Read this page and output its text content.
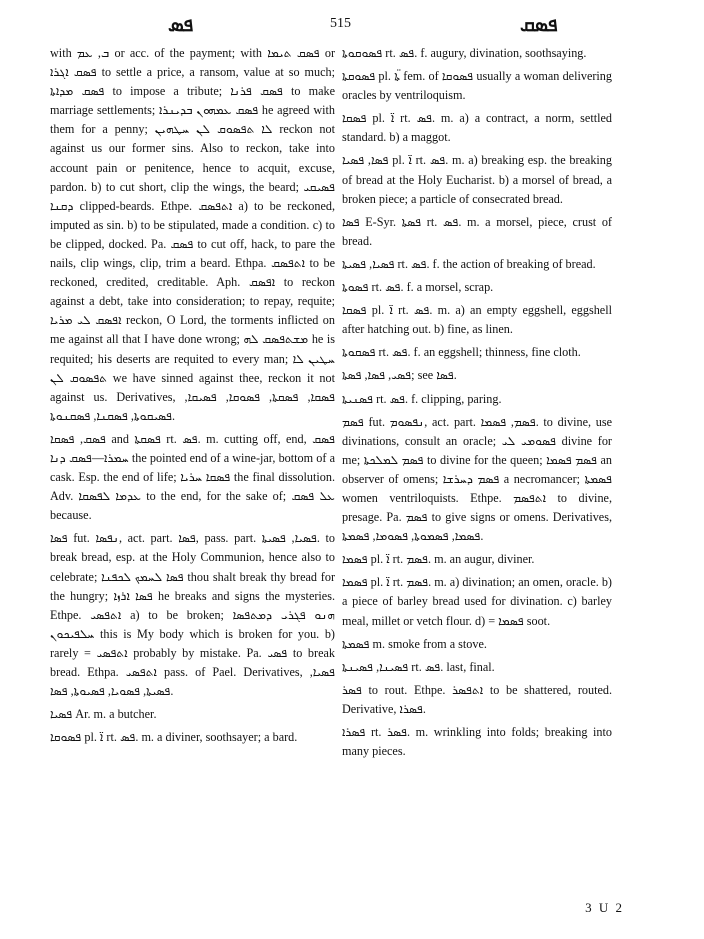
ܦܣ	515	ܦܣܩ

with ܒ, ܥܡ or acc. of the payment; with ܦܣܩ ܬܝܡܐ or ܦܣܩ ܐܓܪܐ to settle a price, a ransom, value at so much; ܦܣܩ ܡܕܐܬܐ to impose a tribute; ܦܣܩ ܦܪܢܐ to make marriage settlements; ܦܣܩ ܥܡܗܘܢ ܒܕܝܢܪܐ he agreed with them for a penny; ܠܐ ܬܦܣܘܩ ܠܢ ܚܛܗܝܢ reckon not against us our former sins. Also to reckon, take into account pain or penitence, hence to acquit, excuse, pardon. b) to cut short, clip the wings, the beard; ܦܣܝܩܝ ܕܩܢܐ clipped-beards. Ethpe. ܐܬܦܣܩ a) to be reckoned, imputed as sin. b) to be stipulated, made a condition. c) to be clipped, docked. Pa. ܦܣܩ to cut off, hack, to pare the nails, clip wings, clip, trim a beard. Ethpa. ܐܬܦܣܩ to be reckoned, credited, creditable. Aph. ܐܦܣܩ to reckon against a debt, take into consideration; to repay, requite; ܐܦܣܩ ܠܝ ܡܪܝܐ reckon, O Lord, the torments inflicted on me against all that I have done wrong; ܡܫܬܦܣܩ ܠܗ he is requited; his deserts are requited to every man; ܚܛܝܢ ܠܐ ܬܦܣܘܩ ܠܢ we have sinned against thee, reckon it not against us. Derivatives, ܦܣܩܐ, ܦܣܩܬܐ, ܦܣܘܩܐ, ܦܣܝܩܐ, ܦܣܝܩܘܬܐ, ܦܣܩܢܐ, ܦܣܩܢܘܬܐ.

ܦܣܩ, ܦܣܩܐ and ܦܣܩܬܐ rt. ܦܣ. m. cutting off, end, ܦܣܩ ܚܡܪܐ—ܦܣܩ ܕܢܐ the pointed end of a wine-jar, bottom of a cask. Esp. the end of life; ܦܣܩܐ ܚܪܝܐ the final dissolution. Adv. ܥܕܡܐ ܠܦܣܩܐ to the end, for the sake of; ܥܠ ܦܣܩ because.

ܦܣܐ fut. ܢܦܣܐ, act. part. ܦܣܐ, pass. part. ܦܣܝܐ, ܦܣܝܬܐ. to break bread, esp. at the Holy Communion, hence also to celebrate; ܦܣܐ ܠܚܡܟ ܠܟܦܢܐ thou shalt break thy bread for the hungry; ܦܣܐ ܐܪܙܐ he breaks and signs the mysteries. Ethpe. ܐܬܦܣܝ a) to be broken; ܗܢܘ ܦܓܪܝ ܕܡܬܦܣܐ ܚܠܦܝܟܘܢ this is My body which is broken for you. b) rarely = ܐܬܦܣܝ probably by mistake. Pa. ܦܣܝ to break bread. Ethpa. ܐܬܦܣܝ pass. of Pael. Derivatives, ܦܣܝܐ, ܦܣܝܬܐ, ܦܣܘܝܐ, ܦܣܝܘܬܐ, ܦܣܐ.

ܦܣܝܐ Ar. m. a butcher.

ܦܣܘܩܐ pl. ܐ̈ rt. ܦܣ. m. a diviner, soothsayer; a bard.

ܦܣܘܩܘܬܐ rt. ܦܣ. f. augury, divination, soothsaying.

ܦܣܘܩܬܐ pl. ܬܐ̈ fem. of ܦܣܘܩܐ usually a woman delivering oracles by ventriloquism.

ܦܣܩܐ pl. ܐ̈ rt. ܦܣ. m. a) a contract, a norm, settled standard. b) a maggot.

ܦܣܐ, ܦܣܝܐ pl. ܐ̈ rt. ܦܣ. m. a) breaking esp. the breaking of bread at the Holy Eucharist. b) a morsel of bread, a broken piece; a particle of consecrated bread.

ܦܣܐ E-Syr. ܦܣܬܐ rt. ܦܣ. m. a morsel, piece, crust of bread.

ܦܣܝܐ, ܦܣܝܬܐ rt. ܦܣ. f. the action of breaking of bread.

ܦܣܘܬܐ rt. ܦܣ. f. a morsel, scrap.

ܦܣܩܐ pl. ܐ̈ rt. ܦܣ. m. a) an empty eggshell, eggshell after hatching out. b) fine, as linen.

ܦܣܩܘܬܐ rt. ܦܣ. f. an eggshell; thinness, fine cloth.

ܦܣܝ, ܦܣܐ, ܦܣܬܐ; see ܦܣܐ.

ܦܣܢܝܬܐ rt. ܦܣ. f. clipping, paring.

ܦܣܡ fut. ܢܦܣܘܡ, act. part. ܦܣܡ, ܦܣܡܐ. to divine, use divinations, consult an oracle; ܦܣܘܡܝ ܠܝ divine for me; ܦܣܡ ܠܡܠܟܬܐ to divine for the queen; ܦܣܡ ܦܣܡܐ an observer of omens; ܦܣܡ ܕܚܪܫܐ a necromancer; ܦܣܡܬܐ women ventriloquists. Ethpe. ܐܬܦܣܡ to divine, presage. Pa. ܦܣܡ to give signs or omens. Derivatives, ܦܣܡܐ, ܦܣܡܘܬܐ, ܦܣܘܡܐ, ܦܣܡܬܐ.

ܦܣܡܐ pl. ܐ̈ rt. ܦܣܡ. m. an augur, diviner.

ܦܣܡܐ pl. ܐ̈ rt. ܦܣܡ. m. a) divination; an omen, oracle. b) a piece of barley bread used for divination. c) barley meal, millet or vetch flour. d) = ܦܣܡܐ soot.

ܦܣܡܬܐ m. smoke from a stove.

ܦܣܝܢܐ, ܦܣܝܢܬܐ rt. ܦܣ. last, final.

ܦܣܪ to rout. Ethpe. ܐܬܦܣܪ to be shattered, routed. Derivative, ܦܣܪܐ.

ܦܣܪܐ rt. ܦܣܪ. m. wrinkling into folds; breaking into many pieces.

3 U 2
